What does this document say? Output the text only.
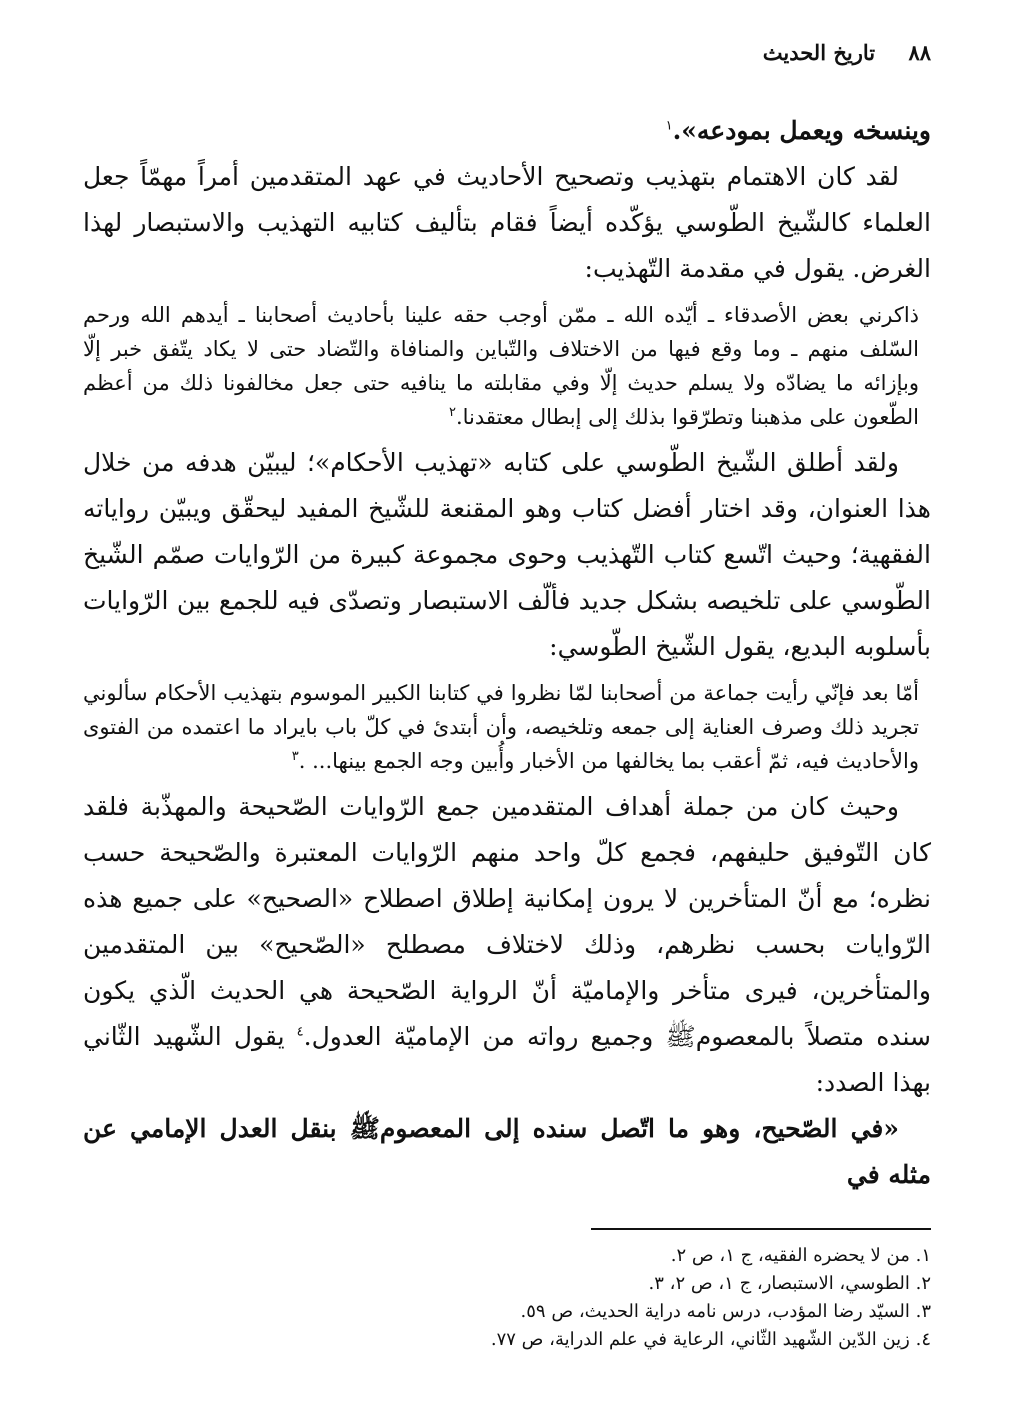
٨٨ تاريخ الحديث

وينسخه ويعمل بمودعه».$^١$

لقد كان الاهتمام بتهذيب وتصحيح الأحاديث في عهد المتقدمين أمراً مهمّاً جعل العلماء كالشّيخ الطّوسي يؤكّده أيضاً فقام بتأليف كتابيه التهذيب والاستبصار لهذا الغرض. يقول في مقدمة التّهذيب:

ذاكرني بعض الأصدقاء ـ أيّده الله ـ ممّن أوجب حقه علينا بأحاديث أصحابنا ـ أيدهم الله ورحم السّلف منهم ـ وما وقع فيها من الاختلاف والتّباين والمنافاة والتّضاد حتى لا يكاد يتّفق خبر إلّا وبإزائه ما يضادّه ولا يسلم حديث إلّا وفي مقابلته ما ينافيه حتى جعل مخالفونا ذلك من أعظم الطّعون على مذهبنا وتطرّقوا بذلك إلى إبطال معتقدنا.$^٢$

ولقد أطلق الشّيخ الطّوسي على كتابه «تهذيب الأحكام»؛ ليبيّن هدفه من خلال هذا العنوان، وقد اختار أفضل كتاب وهو المقنعة للشّيخ المفيد ليحقّق ويبيّن رواياته الفقهية؛ وحيث اتّسع كتاب التّهذيب وحوى مجموعة كبيرة من الرّوايات صمّم الشّيخ الطّوسي على تلخيصه بشكل جديد فألّف الاستبصار وتصدّى فيه للجمع بين الرّوايات بأسلوبه البديع، يقول الشّيخ الطّوسي:

أمّا بعد فإنّي رأيت جماعة من أصحابنا لمّا نظروا في كتابنا الكبير الموسوم بتهذيب الأحكام سألوني تجريد ذلك وصرف العناية إلى جمعه وتلخيصه، وأن أبتدئ في كلّ باب بايراد ما اعتمده من الفتوى والأحاديث فيه، ثمّ أعقب بما يخالفها من الأخبار وأُبين وجه الجمع بينها... .$^٣$

وحيث كان من جملة أهداف المتقدمين جمع الرّوايات الصّحيحة والمهذّبة فلقد كان التّوفيق حليفهم، فجمع كلّ واحد منهم الرّوايات المعتبرة والصّحيحة حسب نظره؛ مع أنّ المتأخرين لا يرون إمكانية إطلاق اصطلاح «الصحيح» على جميع هذه الرّوايات بحسب نظرهم، وذلك لاختلاف مصطلح «الصّحيح» بين المتقدمين والمتأخرين، فيرى متأخر والإماميّة أنّ الرواية الصّحيحة هي الحديث الّذي يكون سنده متصلاً بالمعصومﷺ وجميع رواته من الإماميّة العدول.$^٤$ يقول الشّهيد الثّاني بهذا الصدد:

«في الصّحيح، وهو ما اتّصل سنده إلى المعصومﷺ بنقل العدل الإمامي عن مثله في

١. من لا يحضره الفقيه، ج ١، ص ٢.
٢. الطوسي، الاستبصار، ج ١، ص ٢، ٣.
٣. السيّد رضا المؤدب، درس نامه دراية الحديث، ص ٥٩.
٤. زين الدّين الشّهيد الثّاني، الرعاية في علم الدراية، ص ٧٧.
